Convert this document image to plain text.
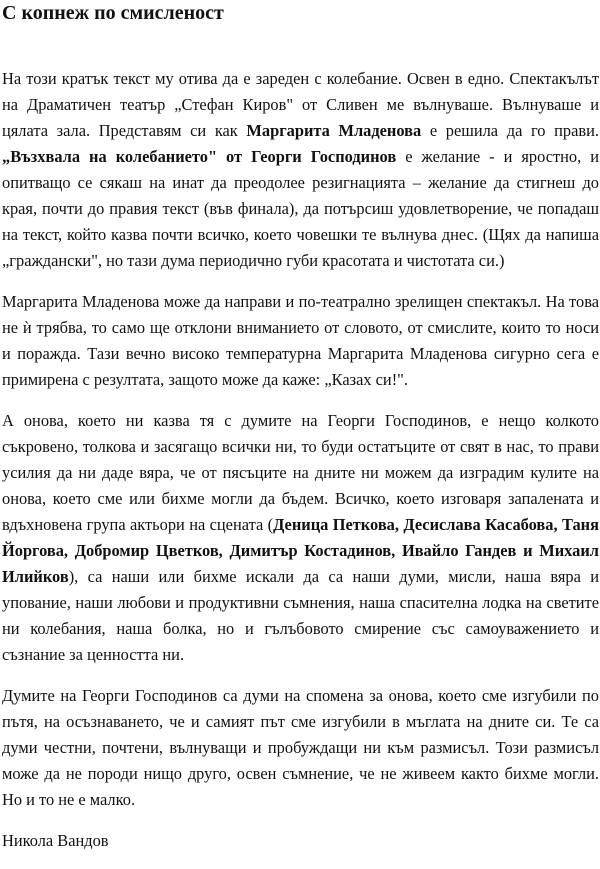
С копнеж по смисленост

На този кратък текст му отива да е зареден с колебание. Освен в едно. Спектакълът на Драматичен театър „Стефан Киров" от Сливен ме вълнуваше. Вълнуваше и цялата зала. Представям си как Маргарита Младенова е решила да го прави. „Възхвала на колебанието" от Георги Господинов е желание - и яростно, и опитващо се сякаш на инат да преодолее резигнацията – желание да стигнеш до края, почти до правия текст (във финала), да потърсиш удовлетворение, че попадаш на текст, който казва почти всичко, което човешки те вълнува днес. (Щях да напиша „граждански", но тази дума периодично губи красотата и чистотата си.)

Маргарита Младенова може да направи и по-театрално зрелищен спектакъл. На това не ѝ трябва, то само ще отклони вниманието от словото, от смислите, които то носи и поражда. Тази вечно високо температурна Маргарита Младенова сигурно сега е примирена с резултата, защото може да каже: „Казах си!".

А онова, което ни казва тя с думите на Георги Господинов, е нещо колкото съкровено, толкова и засягащо всички ни, то буди остатъците от свят в нас, то прави усилия да ни даде вяра, че от пясъците на дните ни можем да изградим кулите на онова, което сме или бихме могли да бъдем. Всичко, което изговаря запалената и вдъхновена група актьори на сцената (Деница Петкова, Десислава Касабова, Таня Йоргова, Добромир Цветков, Димитър Костадинов, Ивайло Гандев и Михаил Илийков), са наши или бихме искали да са наши думи, мисли, наша вяра и упование, наши любови и продуктивни съмнения, наша спасителна лодка на светите ни колебания, наша болка, но и гълъбовото смирение със самоуважението и съзнание за ценността ни.

Думите на Георги Господинов са думи на спомена за онова, което сме изгубили по пътя, на осъзнаването, че и самият път сме изгубили в мъглата на дните си. Те са думи честни, почтени, вълнуващи и пробуждащи ни към размисъл. Този размисъл може да не породи нищо друго, освен съмнение, че не живеем както бихме могли. Но и то не е малко.

Никола Вандов
